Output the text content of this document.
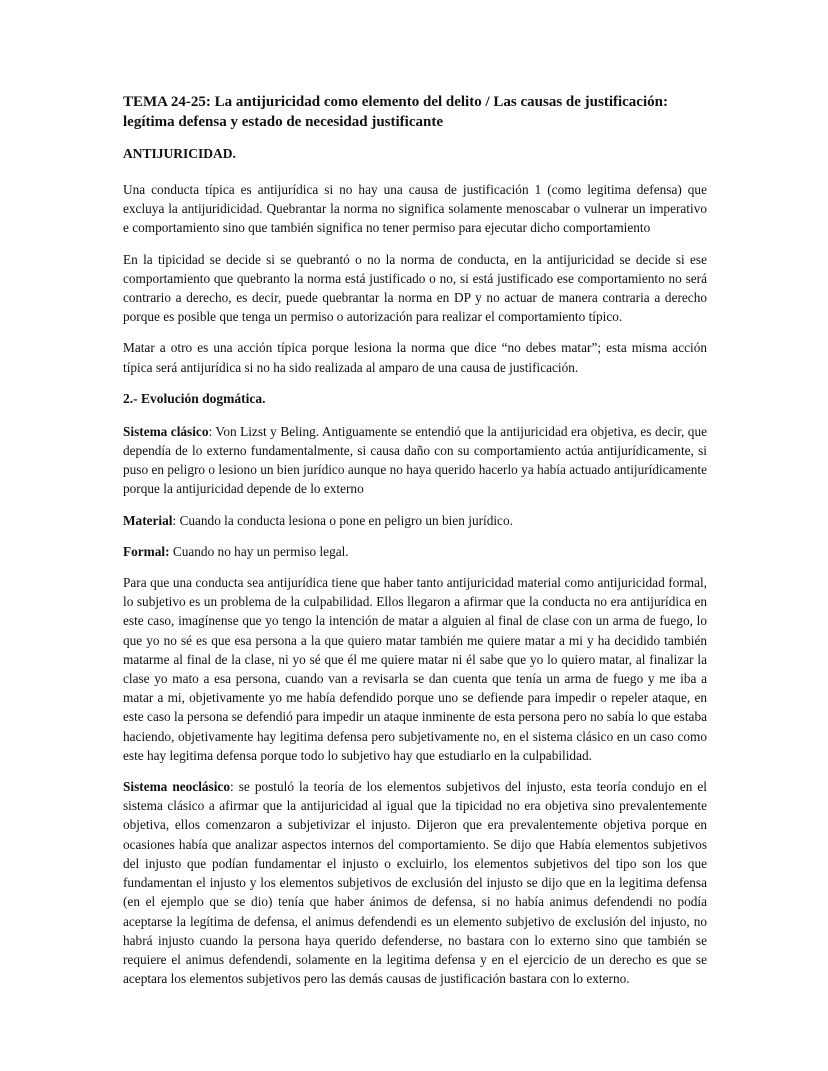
TEMA 24-25: La antijuricidad como elemento del delito / Las causas de justificación: legítima defensa y estado de necesidad justificante
ANTIJURICIDAD.

Una conducta típica es antijurídica si no hay una causa de justificación 1 (como legitima defensa) que excluya la antijuridicidad. Quebrantar la norma no significa solamente menoscabar o vulnerar un imperativo e comportamiento sino que también significa no tener permiso para ejecutar dicho comportamiento

En la tipicidad se decide si se quebrantó o no la norma de conducta, en la antijuricidad se decide si ese comportamiento que quebranto la norma está justificado o no, si está justificado ese comportamiento no será contrario a derecho, es decir, puede quebrantar la norma en DP y no actuar de manera contraria a derecho porque es posible que tenga un permiso o autorización para realizar el comportamiento típico.

Matar a otro es una acción típica porque lesiona la norma que dice “no debes matar”; esta misma acción típica será antijurídica si no ha sido realizada al amparo de una causa de justificación.

2.- Evolución dogmática.

Sistema clásico: Von Lizst y Beling. Antiguamente se entendió que la antijuricidad era objetiva, es decir, que dependía de lo externo fundamentalmente, si causa daño con su comportamiento actúa antijurídicamente, si puso en peligro o lesiono un bien jurídico aunque no haya querido hacerlo ya había actuado antijurídicamente porque la antijuricidad depende de lo externo

Material: Cuando la conducta lesiona o pone en peligro un bien jurídico.

Formal: Cuando no hay un permiso legal.

Para que una conducta sea antijurídica tiene que haber tanto antijuricidad material como antijuricidad formal, lo subjetivo es un problema de la culpabilidad. Ellos llegaron a afirmar que la conducta no era antijurídica en este caso, imagínense que yo tengo la intención de matar a alguien al final de clase con un arma de fuego, lo que yo no sé es que esa persona a la que quiero matar también me quiere matar a mi y ha decidido también matarme al final de la clase, ni yo sé que él me quiere matar ni él sabe que yo lo quiero matar, al finalizar la clase yo mato a esa persona, cuando van a revisarla se dan cuenta que tenía un arma de fuego y me iba a matar a mi, objetivamente yo me había defendido porque uno se defiende para impedir o repeler ataque, en este caso la persona se defendió para impedir un ataque inminente de esta persona pero no sabía lo que estaba haciendo, objetivamente hay legitima defensa pero subjetivamente no, en el sistema clásico en un caso como este hay legitima defensa porque todo lo subjetivo hay que estudiarlo en la culpabilidad.

Sistema neoclásico: se postuló la teoría de los elementos subjetivos del injusto, esta teoría condujo en el sistema clásico a afirmar que la antijuricidad al igual que la tipicidad no era objetiva sino prevalentemente objetiva, ellos comenzaron a subjetivizar el injusto. Dijeron que era prevalentemente objetiva porque en ocasiones había que analizar aspectos internos del comportamiento. Se dijo que Había elementos subjetivos del injusto que podían fundamentar el injusto o excluirlo, los elementos subjetivos del tipo son los que fundamentan el injusto y los elementos subjetivos de exclusión del injusto se dijo que en la legitima defensa (en el ejemplo que se dio) tenía que haber ánimos de defensa, si no había animus defendendi no podía aceptarse la legítima de defensa, el animus defendendi es un elemento subjetivo de exclusión del injusto, no habrá injusto cuando la persona haya querido defenderse, no bastara con lo externo sino que también se requiere el animus defendendi, solamente en la legitima defensa y en el ejercicio de un derecho es que se aceptara los elementos subjetivos pero las demás causas de justificación bastara con lo externo.
